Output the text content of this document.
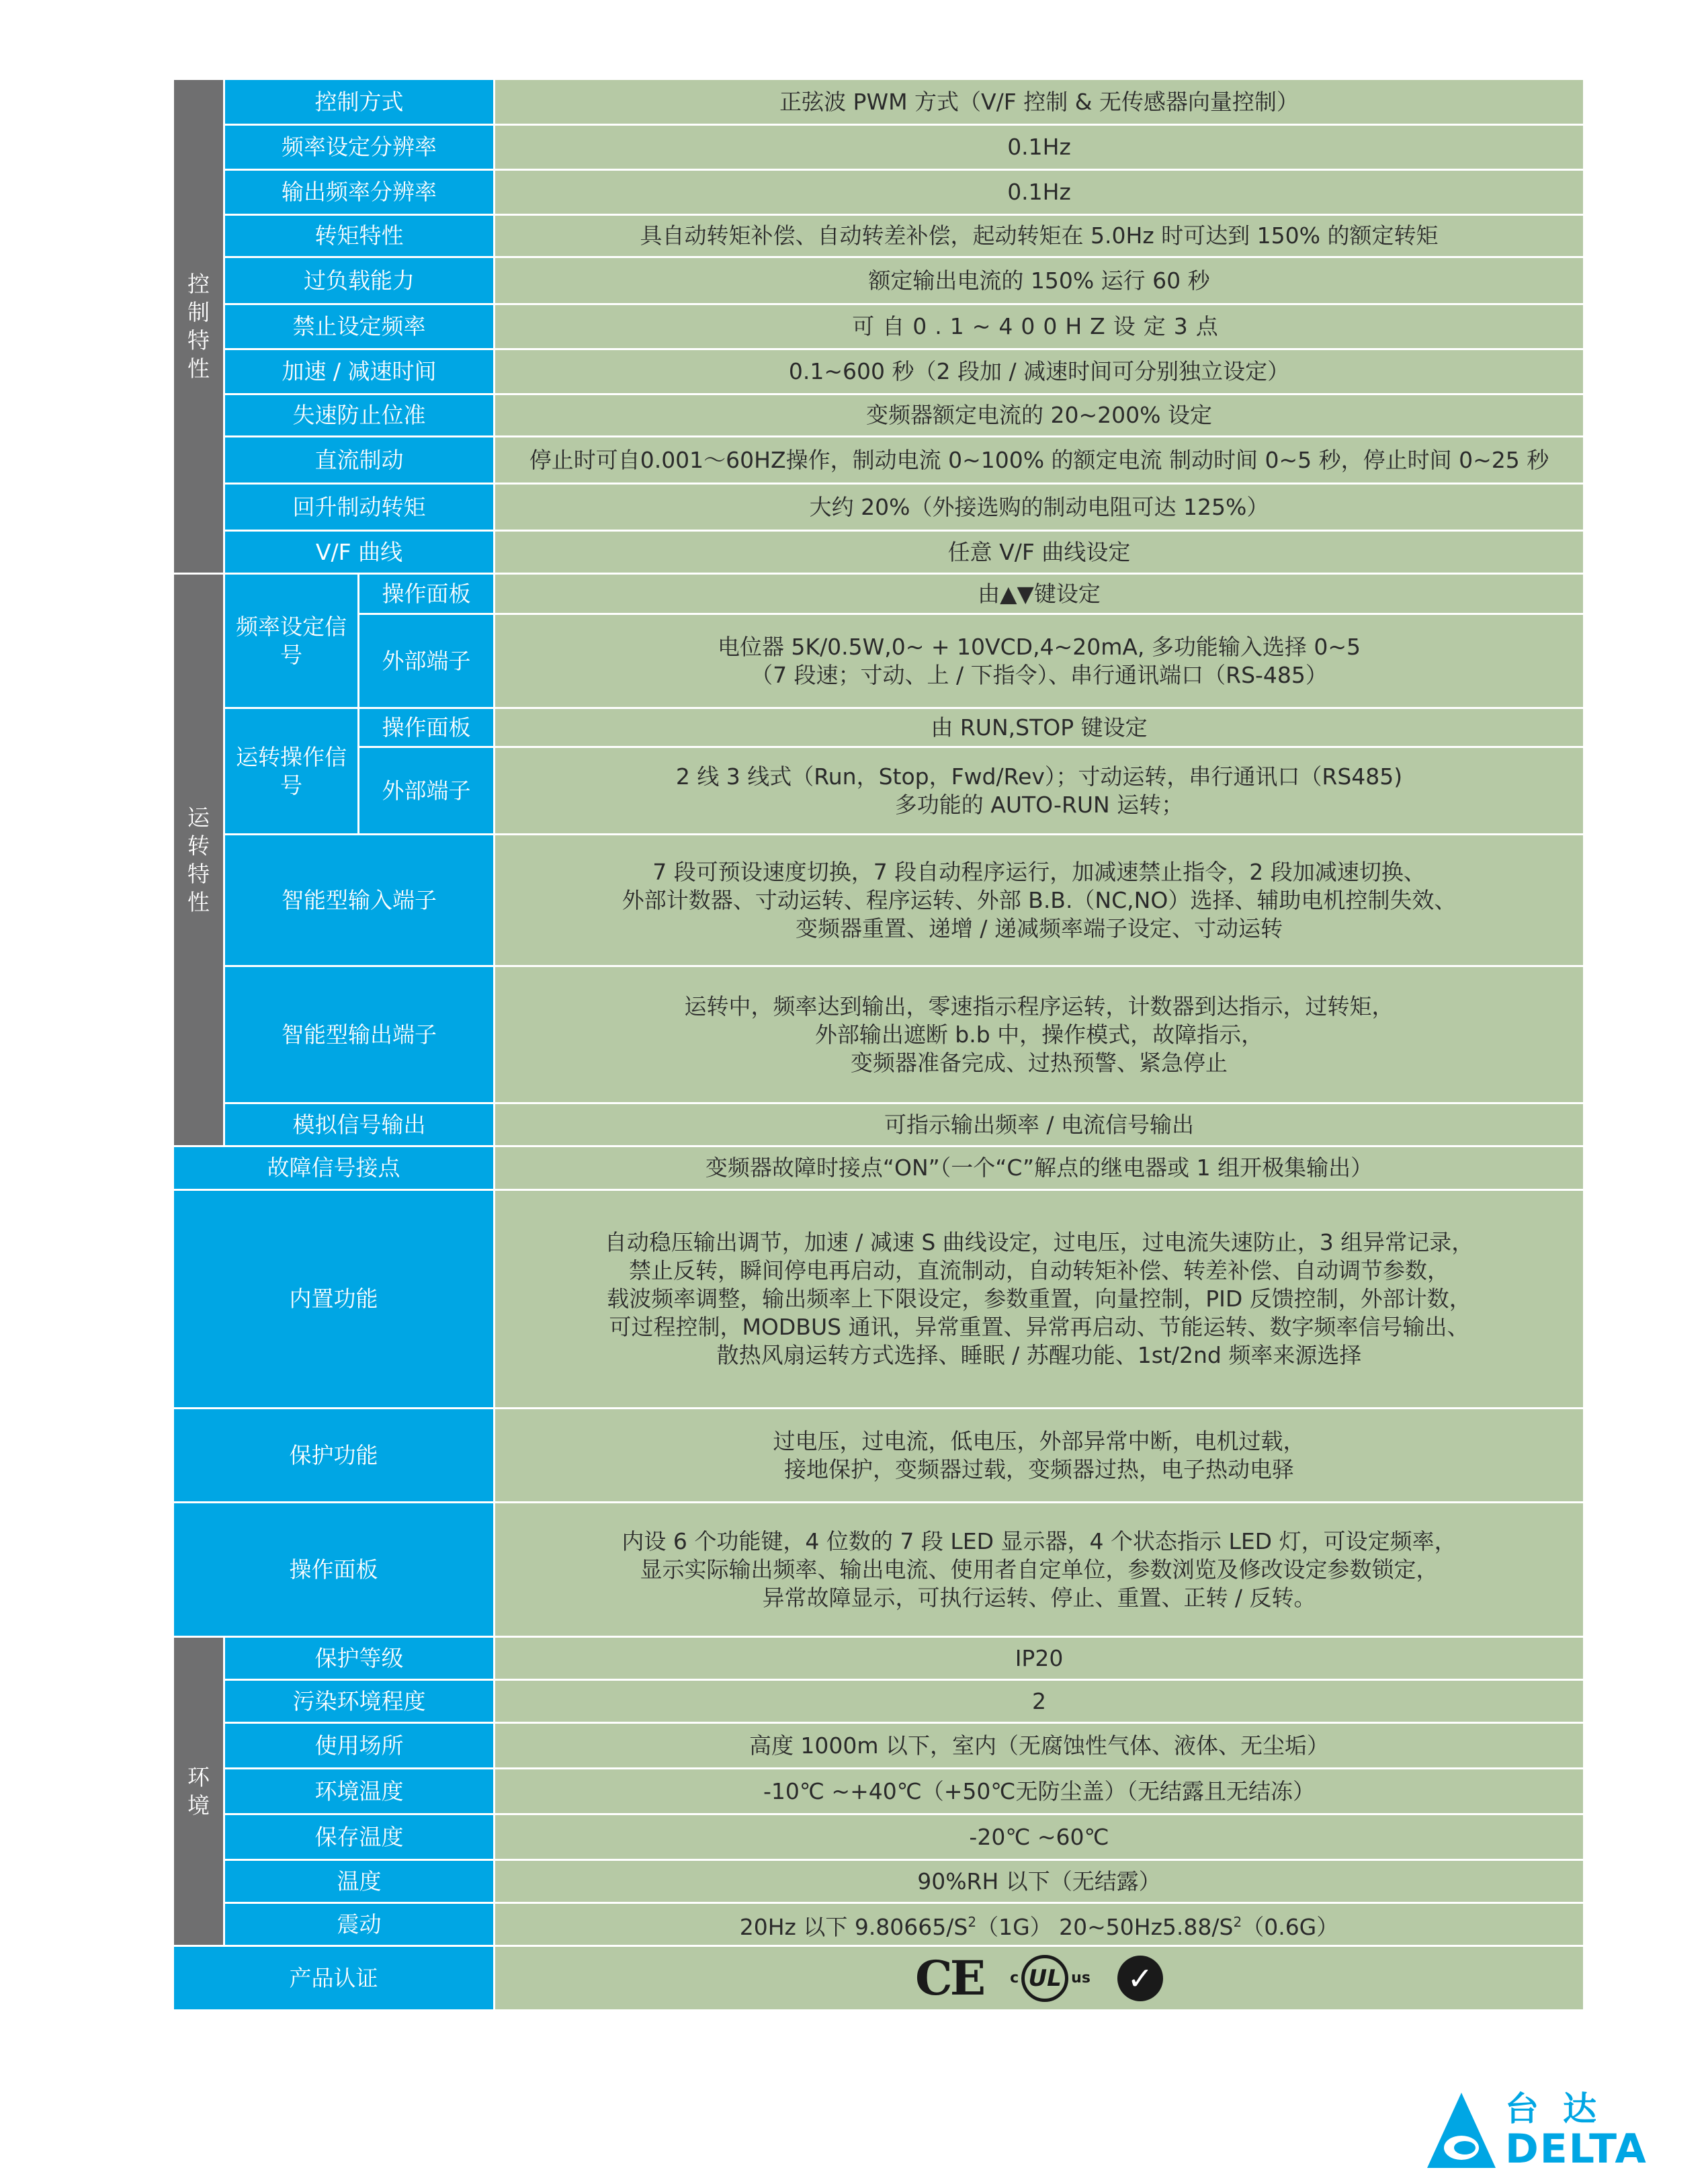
控制特性	控制方式		正弦波 PWM 方式（V/F 控制 & 无传感器向量控制）
	频率设定分辨率		0.1Hz
	输出频率分辨率		0.1Hz
	转矩特性		具自动转矩补偿、自动转差补偿，起动转矩在 5.0Hz 时可达到 150% 的额定转矩
	过负载能力		额定输出电流的 150% 运行 60 秒
	禁止设定频率		可自0.1~400HZ设定3点
	加速 / 减速时间		0.1~600 秒（2 段加 / 减速时间可分别独立设定）
	失速防止位准		变频器额定电流的 20~200% 设定
	直流制动		停止时可自0.001～60HZ操作，制动电流 0~100% 的额定电流 制动时间 0~5 秒，停止时间 0~25 秒
	回升制动转矩		大约 20%（外接选购的制动电阻可达 125%）
	V/F 曲线		任意 V/F 曲线设定
运转特性	频率设定信号	操作面板	由▲▼键设定
		外部端子	电位器 5K/0.5W,0~ + 10VCD,4~20mA, 多功能输入选择 0~5
（7 段速；寸动、上 / 下指令）、串行通讯端口（RS-485）

	运转操作信号	操作面板	由 RUN,STOP 键设定
		外部端子	2 线 3 线式（Run，Stop，Fwd/Rev）；寸动运转，串行通讯口（RS485)
多功能的 AUTO-RUN 运转；

	智能型输入端子		7 段可预设速度切换，7 段自动程序运行，加减速禁止指令，2 段加减速切换、
外部计数器、寸动运转、程序运转、外部 B.B.（NC,NO）选择、辅助电机控制失效、
变频器重置、递增 / 递减频率端子设定、寸动运转

	智能型输出端子		运转中，频率达到输出，零速指示程序运转，计数器到达指示，过转矩，
外部输出遮断 b.b 中，操作模式，故障指示，
变频器准备完成、过热预警、紧急停止

	模拟信号输出		可指示输出频率 / 电流信号输出
故障信号接点			变频器故障时接点“ON”（一个“C”解点的继电器或 1 组开极集输出）
内置功能			自动稳压输出调节，加速 / 减速 S 曲线设定，过电压，过电流失速防止，3 组异常记录，
禁止反转，瞬间停电再启动，直流制动，自动转矩补偿、转差补偿、自动调节参数，
载波频率调整，输出频率上下限设定，参数重置，向量控制，PID 反馈控制，外部计数，
可过程控制，MODBUS 通讯，异常重置、异常再启动、节能运转、数字频率信号输出、
散热风扇运转方式选择、睡眠 / 苏醒功能、1st/2nd 频率来源选择

保护功能			过电压，过电流，低电压，外部异常中断，电机过载，
接地保护，变频器过载，变频器过热，电子热动电驿

操作面板			内设 6 个功能键，4 位数的 7 段 LED 显示器，4 个状态指示 LED 灯，可设定频率，
显示实际输出频率、输出电流、使用者自定单位，参数浏览及修改设定参数锁定，
异常故障显示，可执行运转、停止、重置、正转 / 反转。

环境	保护等级		IP20
	污染环境程度		2
	使用场所		高度 1000m 以下，室内（无腐蚀性气体、液体、无尘垢）
	环境温度		-10℃ ~+40℃（+50℃无防尘盖）（无结露且无结冻）
	保存温度		-20℃ ~60℃
	温度		90%RH 以下（无结露）
	震动		20Hz 以下 $9.80665/S^2(1G)$ $20\sim 50Hz5.88/S^2(0.6G)$
产品认证			CE c UL us ✓
台达
DELTA
